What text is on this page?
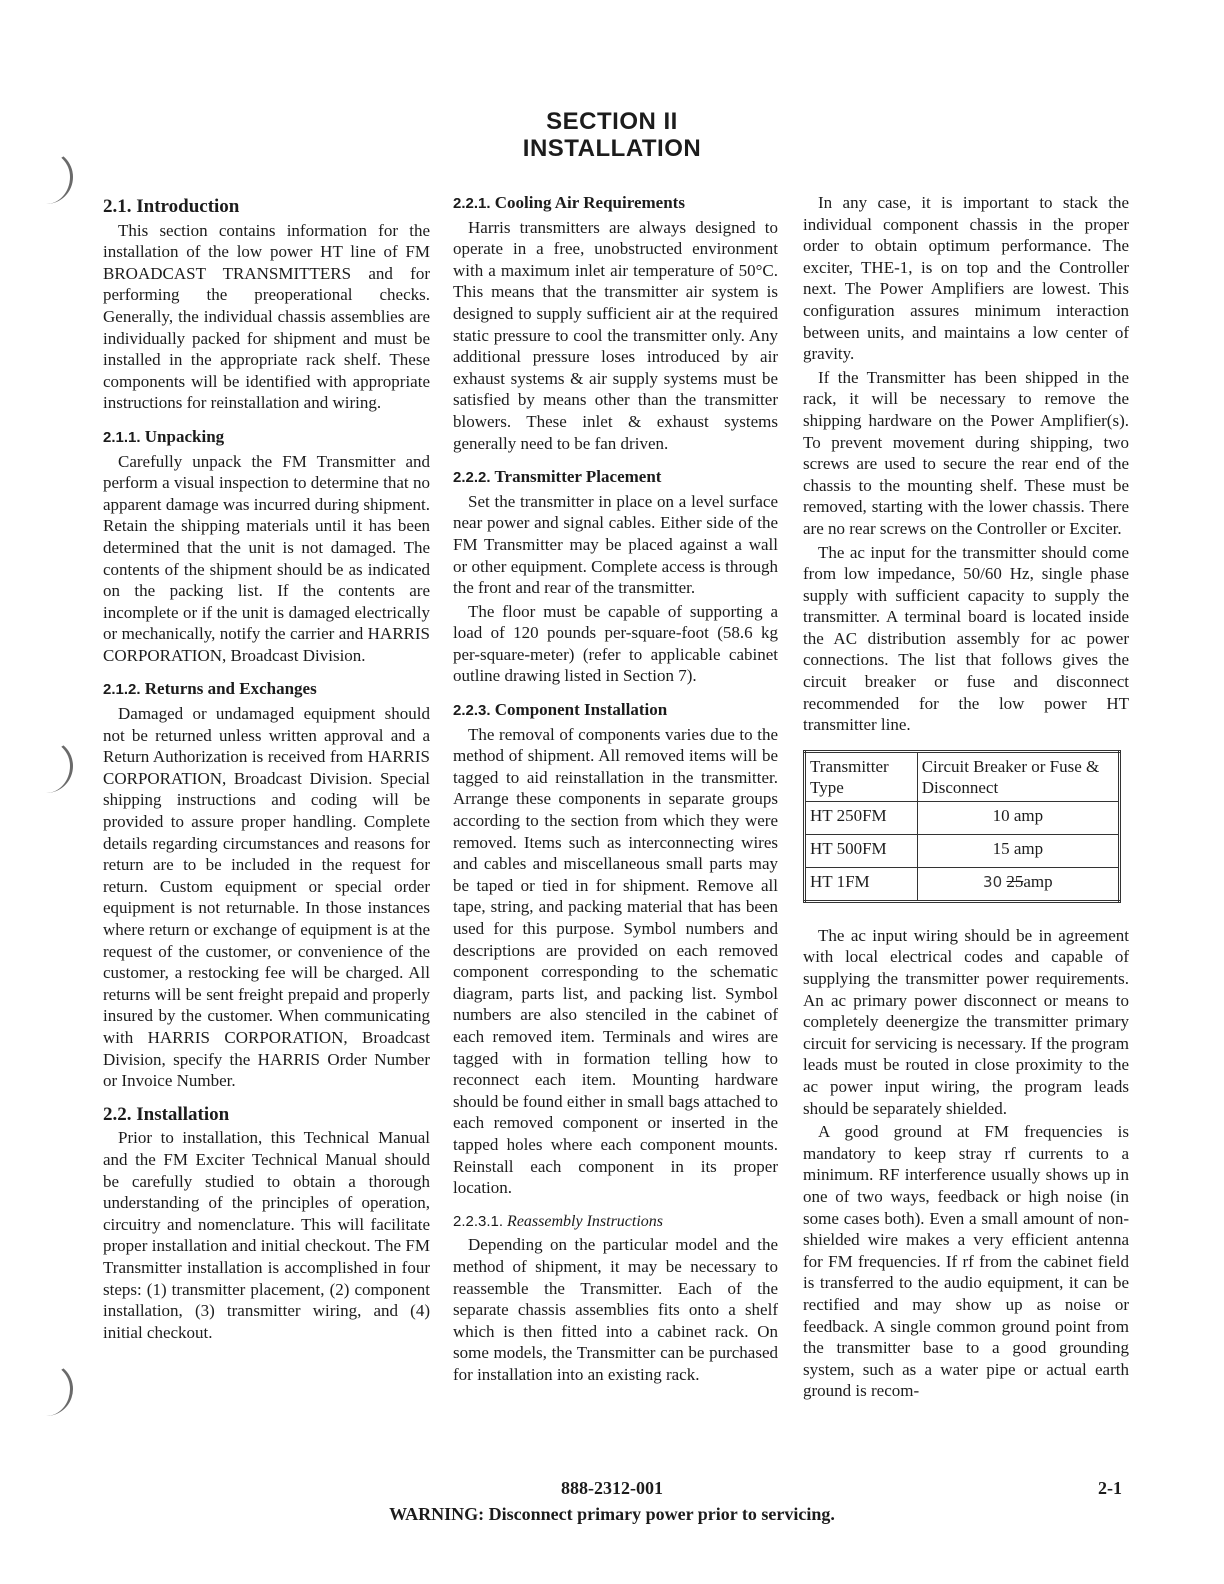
SECTION II
INSTALLATION
2.1. Introduction

This section contains information for the installation of the low power HT line of FM BROADCAST TRANSMITTERS and for performing the preoperational checks. Generally, the individual chassis assemblies are individually packed for shipment and must be installed in the appropriate rack shelf. These components will be identified with appropriate instructions for reinstallation and wiring.

2.1.1. Unpacking

Carefully unpack the FM Transmitter and perform a visual inspection to determine that no apparent damage was incurred during shipment. Retain the shipping materials until it has been determined that the unit is not damaged. The contents of the shipment should be as indicated on the packing list. If the contents are incomplete or if the unit is damaged electrically or mechanically, notify the carrier and HARRIS CORPORATION, Broadcast Division.

2.1.2. Returns and Exchanges

Damaged or undamaged equipment should not be returned unless written approval and a Return Authorization is received from HARRIS CORPORATION, Broadcast Division. Special shipping instructions and coding will be provided to assure proper handling. Complete details regarding circumstances and reasons for return are to be included in the request for return. Custom equipment or special order equipment is not returnable. In those instances where return or exchange of equipment is at the request of the customer, or convenience of the customer, a restocking fee will be charged. All returns will be sent freight prepaid and properly insured by the customer. When communicating with HARRIS CORPORATION, Broadcast Division, specify the HARRIS Order Number or Invoice Number.

2.2. Installation

Prior to installation, this Technical Manual and the FM Exciter Technical Manual should be carefully studied to obtain a thorough understanding of the principles of operation, circuitry and nomenclature. This will facilitate proper installation and initial checkout. The FM Transmitter installation is accomplished in four steps: (1) transmitter placement, (2) component installation, (3) transmitter wiring, and (4) initial checkout.

2.2.1. Cooling Air Requirements

Harris transmitters are always designed to operate in a free, unobstructed environment with a maximum inlet air temperature of 50°C. This means that the transmitter air system is designed to supply sufficient air at the required static pressure to cool the transmitter only. Any additional pressure loses introduced by air exhaust systems & air supply systems must be satisfied by means other than the transmitter blowers. These inlet & exhaust systems generally need to be fan driven.

2.2.2. Transmitter Placement

Set the transmitter in place on a level surface near power and signal cables. Either side of the FM Transmitter may be placed against a wall or other equipment. Complete access is through the front and rear of the transmitter.

The floor must be capable of supporting a load of 120 pounds per-square-foot (58.6 kg per-square-meter) (refer to applicable cabinet outline drawing listed in Section 7).

2.2.3. Component Installation

The removal of components varies due to the method of shipment. All removed items will be tagged to aid reinstallation in the transmitter. Arrange these components in separate groups according to the section from which they were removed. Items such as interconnecting wires and cables and miscellaneous small parts may be taped or tied in for shipment. Remove all tape, string, and packing material that has been used for this purpose. Symbol numbers and descriptions are provided on each removed component corresponding to the schematic diagram, parts list, and packing list. Symbol numbers are also stenciled in the cabinet of each removed item. Terminals and wires are tagged with in formation telling how to reconnect each item. Mounting hardware should be found either in small bags attached to each removed component or inserted in the tapped holes where each component mounts. Reinstall each component in its proper location.

2.2.3.1. Reassembly Instructions

Depending on the particular model and the method of shipment, it may be necessary to reassemble the Transmitter. Each of the separate chassis assemblies fits onto a shelf which is then fitted into a cabinet rack. On some models, the Transmitter can be purchased for installation into an existing rack.

In any case, it is important to stack the individual component chassis in the proper order to obtain optimum performance. The exciter, THE-1, is on top and the Controller next. The Power Amplifiers are lowest. This configuration assures minimum interaction between units, and maintains a low center of gravity.

If the Transmitter has been shipped in the rack, it will be necessary to remove the shipping hardware on the Power Amplifier(s). To prevent movement during shipping, two screws are used to secure the rear end of the chassis to the mounting shelf. These must be removed, starting with the lower chassis. There are no rear screws on the Controller or Exciter.

The ac input for the transmitter should come from low impedance, 50/60 Hz, single phase supply with sufficient capacity to supply the transmitter. A terminal board is located inside the AC distribution assembly for ac power connections. The list that follows gives the circuit breaker or fuse and disconnect recommended for the low power HT transmitter line.

Transmitter Type	Circuit Breaker or Fuse & Disconnect
HT 250FM	10 amp
HT 500FM	15 amp
HT 1FM	30 25amp

The ac input wiring should be in agreement with local electrical codes and capable of supplying the transmitter power requirements. An ac primary power disconnect or means to completely deenergize the transmitter primary circuit for servicing is necessary. If the program leads must be routed in close proximity to the ac power input wiring, the program leads should be separately shielded.

A good ground at FM frequencies is mandatory to keep stray rf currents to a minimum. RF interference usually shows up in one of two ways, feedback or high noise (in some cases both). Even a small amount of non-shielded wire makes a very efficient antenna for FM frequencies. If rf from the cabinet field is transferred to the audio equipment, it can be rectified and may show up as noise or feedback. A single common ground point from the transmitter base to a good grounding system, such as a water pipe or actual earth ground is recom-

888-2312-001	2-1
WARNING: Disconnect primary power prior to servicing.
